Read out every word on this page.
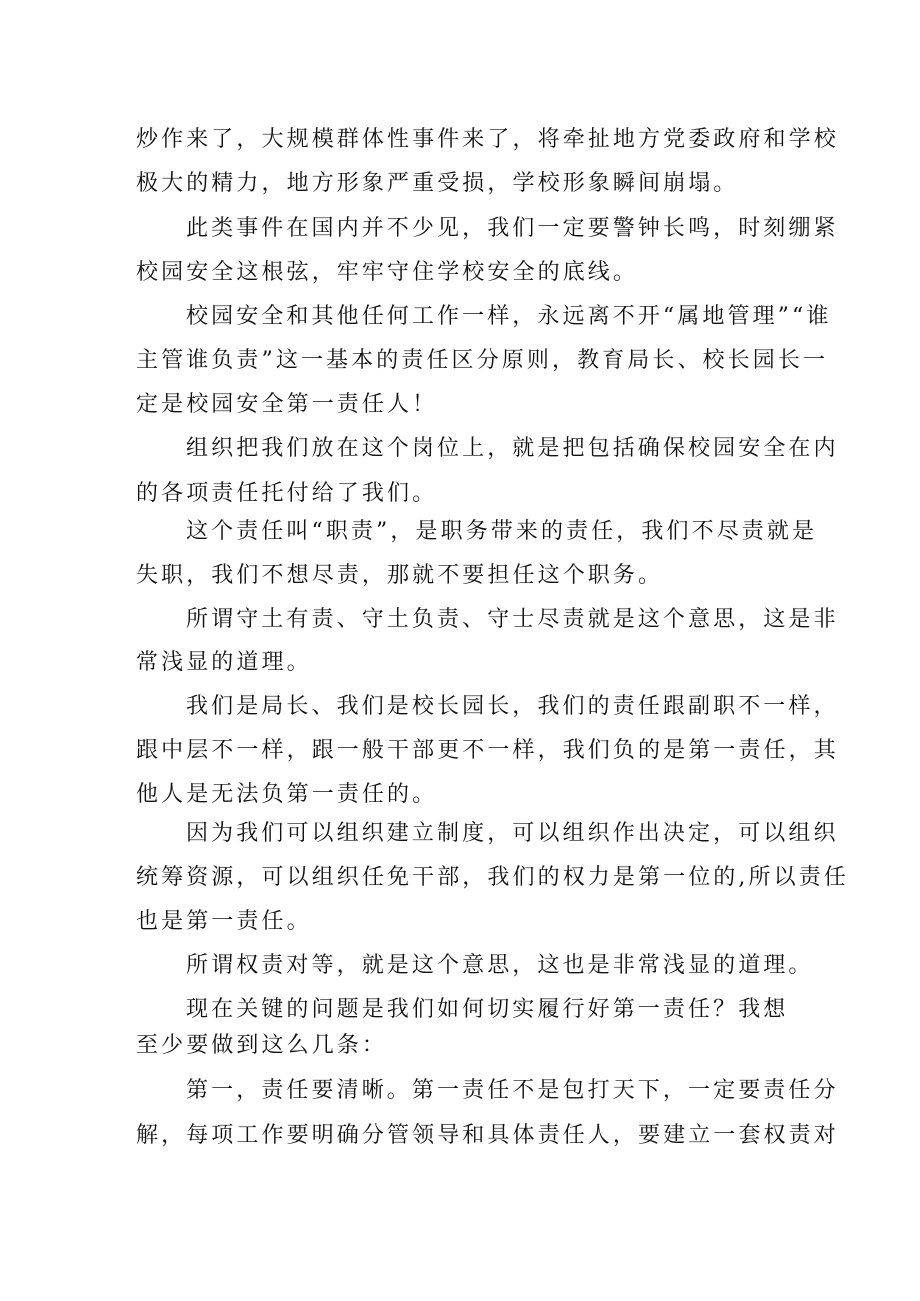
炒作来了，大规模群体性事件来了，将牵扯地方党委政府和学校

极大的精力，地方形象严重受损，学校形象瞬间崩塌。

此类事件在国内并不少见，我们一定要警钟长鸣，时刻绷紧

校园安全这根弦，牢牢守住学校安全的底线。

校园安全和其他任何工作一样，永远离不开“属地管理”“谁

主管谁负责”这一基本的责任区分原则，教育局长、校长园长一

定是校园安全第一责任人！

组织把我们放在这个岗位上，就是把包括确保校园安全在内

的各项责任托付给了我们。

这个责任叫“职责”，是职务带来的责任，我们不尽责就是

失职，我们不想尽责，那就不要担任这个职务。

所谓守土有责、守土负责、守士尽责就是这个意思，这是非

常浅显的道理。

我们是局长、我们是校长园长，我们的责任跟副职不一样，

跟中层不一样，跟一般干部更不一样，我们负的是第一责任，其

他人是无法负第一责任的。

因为我们可以组织建立制度，可以组织作出决定，可以组织

统筹资源，可以组织任免干部，我们的权力是第一位的,所以责任

也是第一责任。

所谓权责对等，就是这个意思，这也是非常浅显的道理。

现在关键的问题是我们如何切实履行好第一责任？我想

至少要做到这么几条：

第一，责任要清晰。第一责任不是包打天下，一定要责任分

解，每项工作要明确分管领导和具体责任人，要建立一套权责对
